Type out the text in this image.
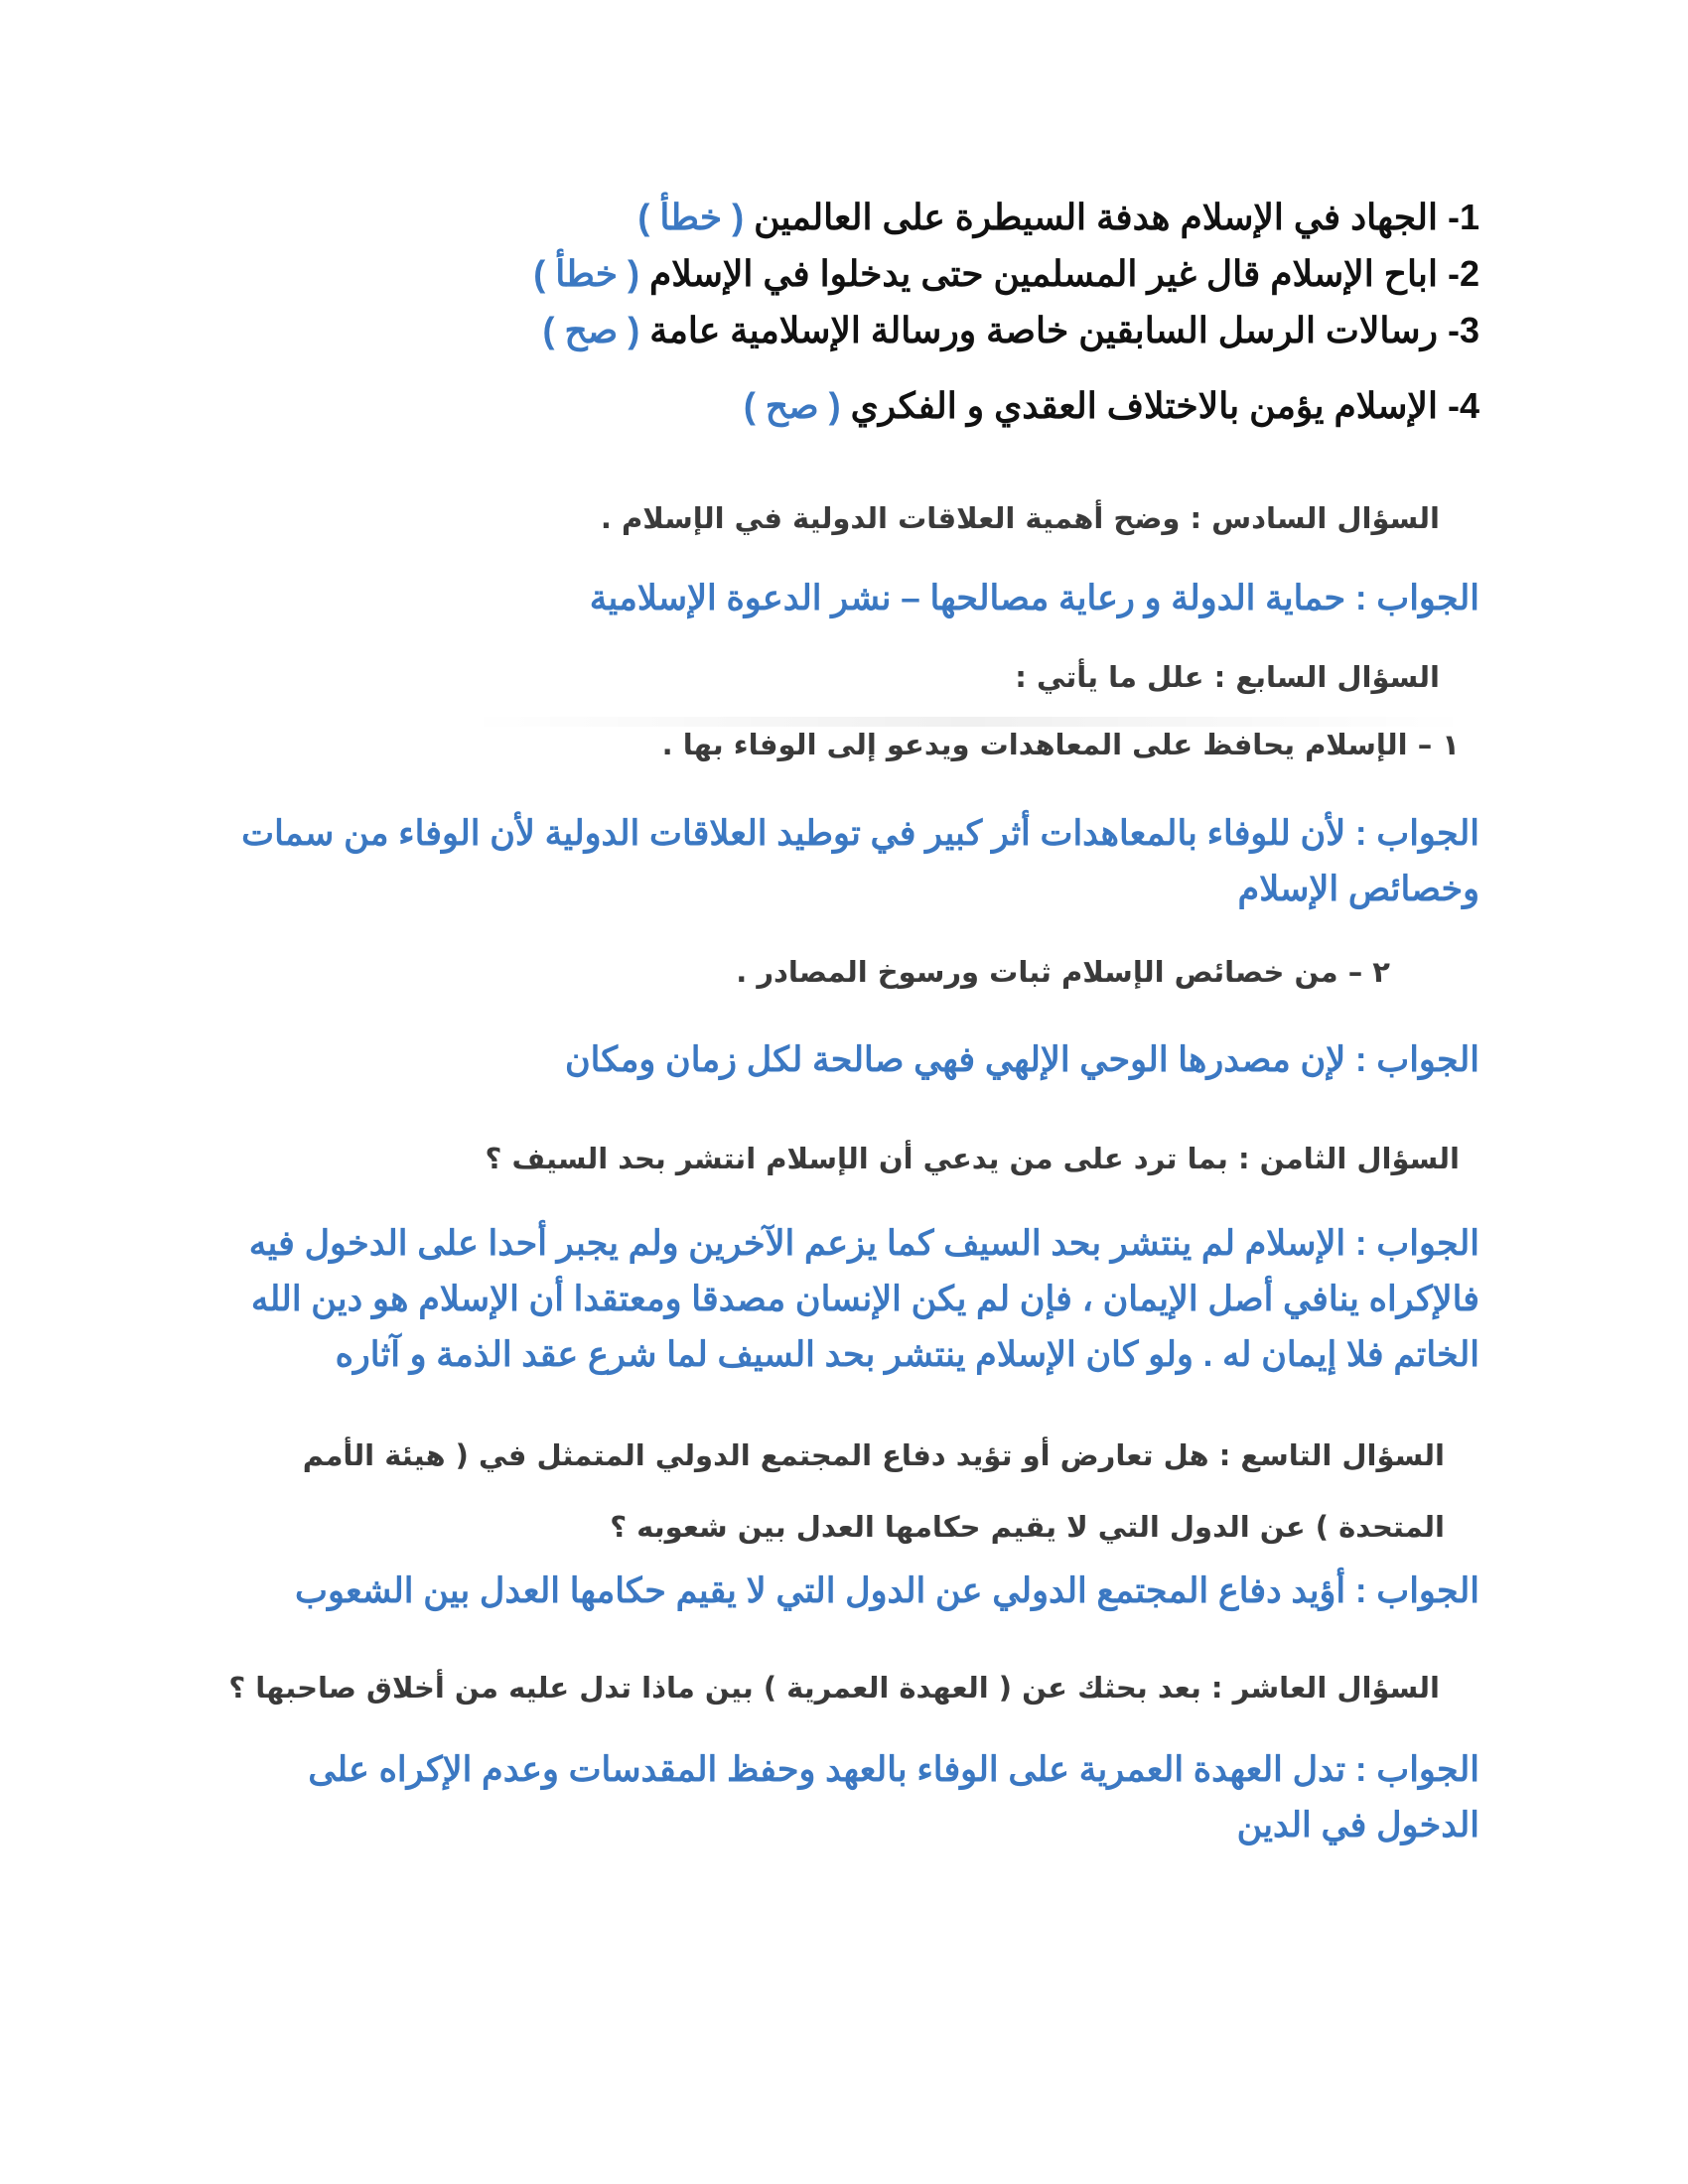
1- الجهاد في الإسلام هدفة السيطرة على العالمين ( خطأ )

2- اباح الإسلام قال غير المسلمين حتى يدخلوا في الإسلام ( خطأ )

3- رسالات الرسل السابقين خاصة ورسالة الإسلامية عامة ( صح )

4- الإسلام يؤمن بالاختلاف العقدي و الفكري ( صح )

السؤال السادس : وضح أهمية العلاقات الدولية في الإسلام .

الجواب : حماية الدولة و رعاية مصالحها – نشر الدعوة الإسلامية

السؤال السابع : علل ما يأتي :

١ – الإسلام يحافظ على المعاهدات ويدعو إلى الوفاء بها .

الجواب : لأن للوفاء بالمعاهدات أثر كبير في توطيد العلاقات الدولية لأن الوفاء من سمات وخصائص الإسلام

٢ – من خصائص الإسلام ثبات ورسوخ المصادر .

الجواب : لإن مصدرها الوحي الإلهي فهي صالحة لكل زمان ومكان

السؤال الثامن : بما ترد على من يدعي أن الإسلام انتشر بحد السيف ؟

الجواب : الإسلام لم ينتشر بحد السيف كما يزعم الآخرين ولم يجبر أحدا على الدخول فيه فالإكراه ينافي أصل الإيمان ، فإن لم يكن الإنسان مصدقا ومعتقدا أن الإسلام هو دين الله الخاتم فلا إيمان له . ولو كان الإسلام ينتشر بحد السيف لما شرع عقد الذمة و آثاره

السؤال التاسع : هل تعارض أو تؤيد دفاع المجتمع الدولي المتمثل في ( هيئة الأمم المتحدة ) عن الدول التي لا يقيم حكامها العدل بين شعوبه ؟

الجواب : أؤيد دفاع المجتمع الدولي عن الدول التي لا يقيم حكامها العدل بين الشعوب

السؤال العاشر : بعد بحثك عن ( العهدة العمرية ) بين ماذا تدل عليه من أخلاق صاحبها ؟

الجواب : تدل العهدة العمرية على الوفاء بالعهد وحفظ المقدسات وعدم الإكراه على الدخول في الدين
